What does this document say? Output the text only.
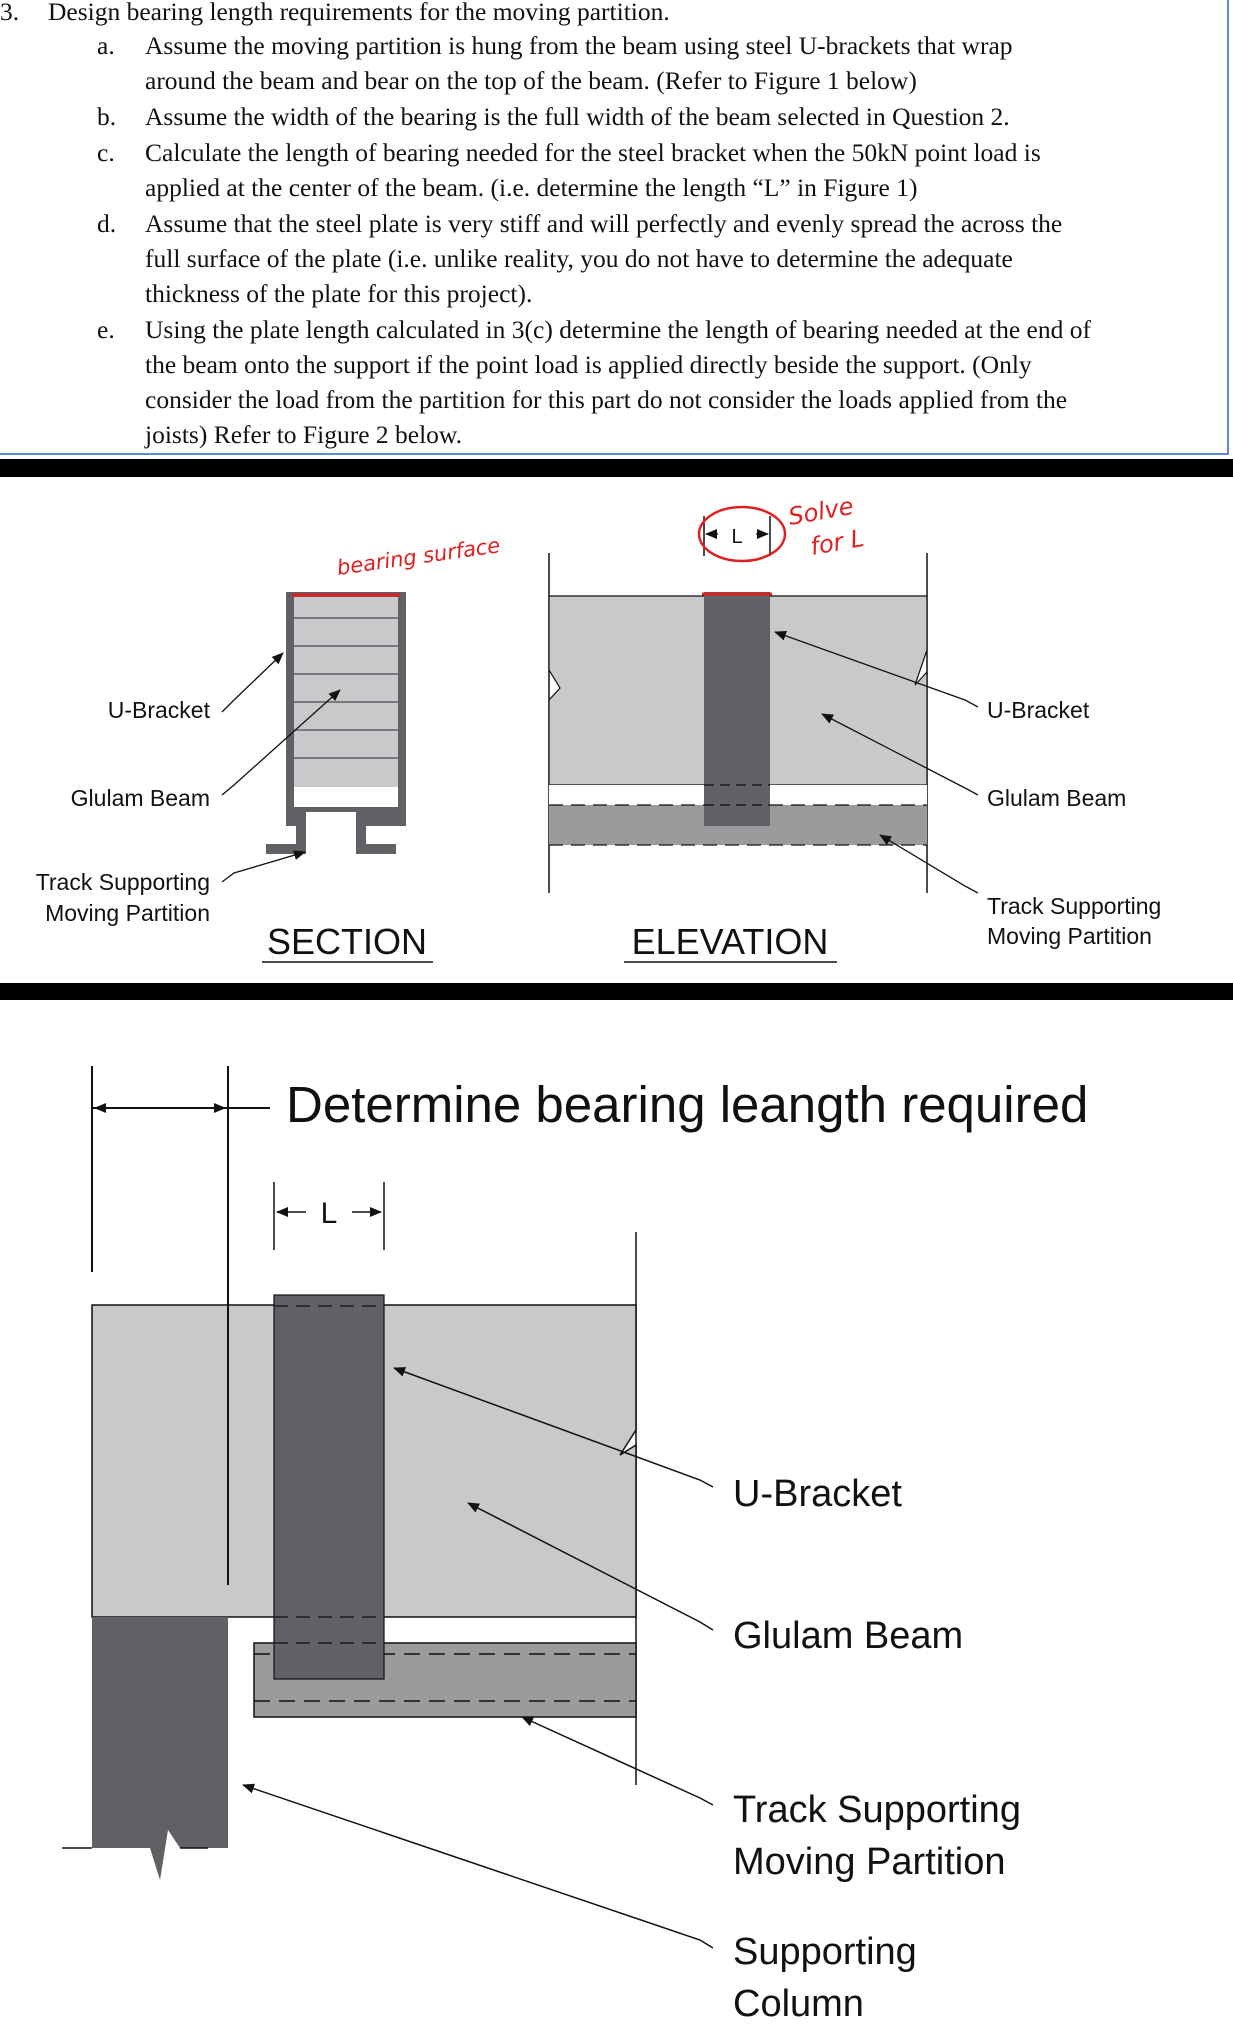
3. Design bearing length requirements for the moving partition.
a. Assume the moving partition is hung from the beam using steel U-brackets that wrap
around the beam and bear on the top of the beam. (Refer to Figure 1 below)
b. Assume the width of the bearing is the full width of the beam selected in Question 2.
c. Calculate the length of bearing needed for the steel bracket when the 50kN point load is
applied at the center of the beam. (i.e. determine the length “L” in Figure 1)
d. Assume that the steel plate is very stiff and will perfectly and evenly spread the across the
full surface of the plate (i.e. unlike reality, you do not have to determine the adequate
thickness of the plate for this project).
e. Using the plate length calculated in 3(c) determine the length of bearing needed at the end of
the beam onto the support if the point load is applied directly beside the support. (Only
consider the load from the partition for this part do not consider the loads applied from the
joists) Refer to Figure 2 below.
U-Bracket
Glulam Beam
Track Supporting
Moving Partition
SECTION	ELEVATION
L
U-Bracket
Glulam Beam
Track Supporting
Moving Partition
bearing surface
Solve
for L
Determine bearing leangth required
L
U-Bracket
Glulam Beam
Track Supporting
Moving Partition
Supporting
Column
